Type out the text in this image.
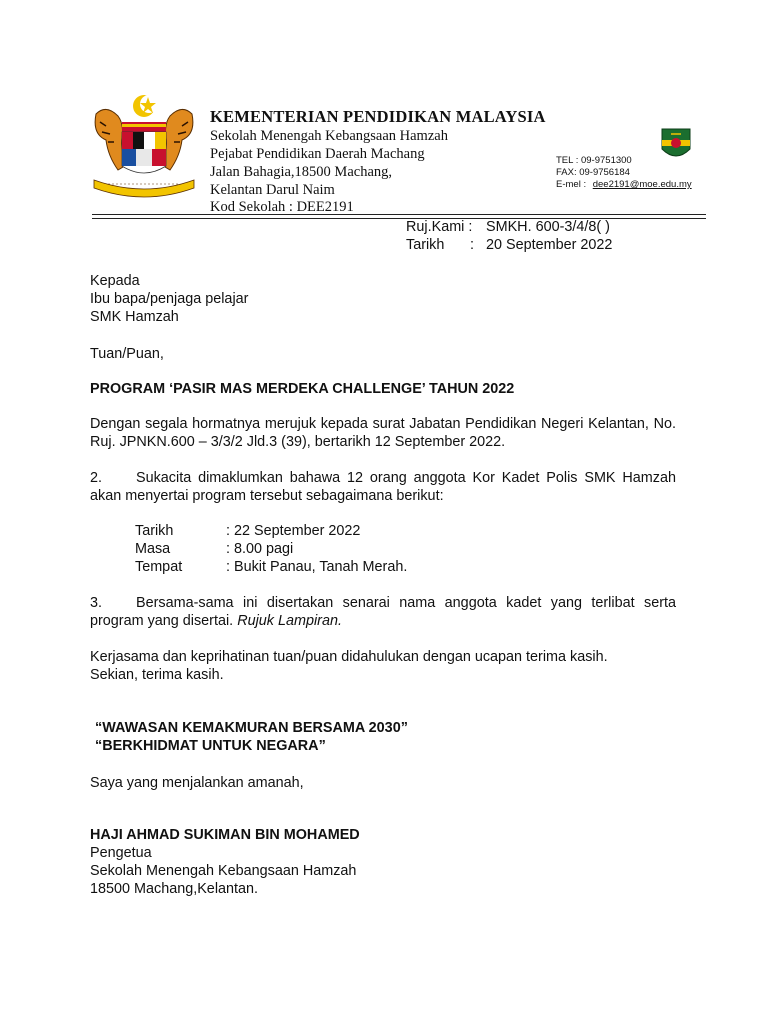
KEMENTERIAN PENDIDIKAN MALAYSIA
Sekolah Menengah Kebangsaan Hamzah
Pejabat Pendidikan Daerah Machang
Jalan Bahagia,18500 Machang,
Kelantan Darul Naim
Kod Sekolah : DEE2191
TEL : 09-9751300
FAX: 09-9756184
E-mel : dee2191@moe.edu.my
Ruj.Kami : SMKH. 600-3/4/8( )
Tarikh : 20 September 2022
Kepada
Ibu bapa/penjaga pelajar
SMK Hamzah
Tuan/Puan,
PROGRAM ‘PASIR MAS MERDEKA CHALLENGE’ TAHUN 2022
Dengan segala hormatnya merujuk kepada surat Jabatan Pendidikan Negeri Kelantan, No. Ruj. JPNKN.600 – 3/3/2 Jld.3 (39), bertarikh 12 September 2022.
2. Sukacita dimaklumkan bahawa 12 orang anggota Kor Kadet Polis SMK Hamzah akan menyertai program tersebut sebagaimana berikut:
Tarikh	: 22 September 2022
Masa	: 8.00 pagi
Tempat	: Bukit Panau, Tanah Merah.
3. Bersama-sama ini disertakan senarai nama anggota kadet yang terlibat serta program yang disertai. Rujuk Lampiran.
Kerjasama dan keprihatinan tuan/puan didahulukan dengan ucapan terima kasih.
Sekian, terima kasih.
“WAWASAN KEMAKMURAN BERSAMA 2030”
“BERKHIDMAT UNTUK NEGARA”
Saya yang menjalankan amanah,
HAJI AHMAD SUKIMAN BIN MOHAMED
Pengetua
Sekolah Menengah Kebangsaan Hamzah
18500 Machang,Kelantan.
